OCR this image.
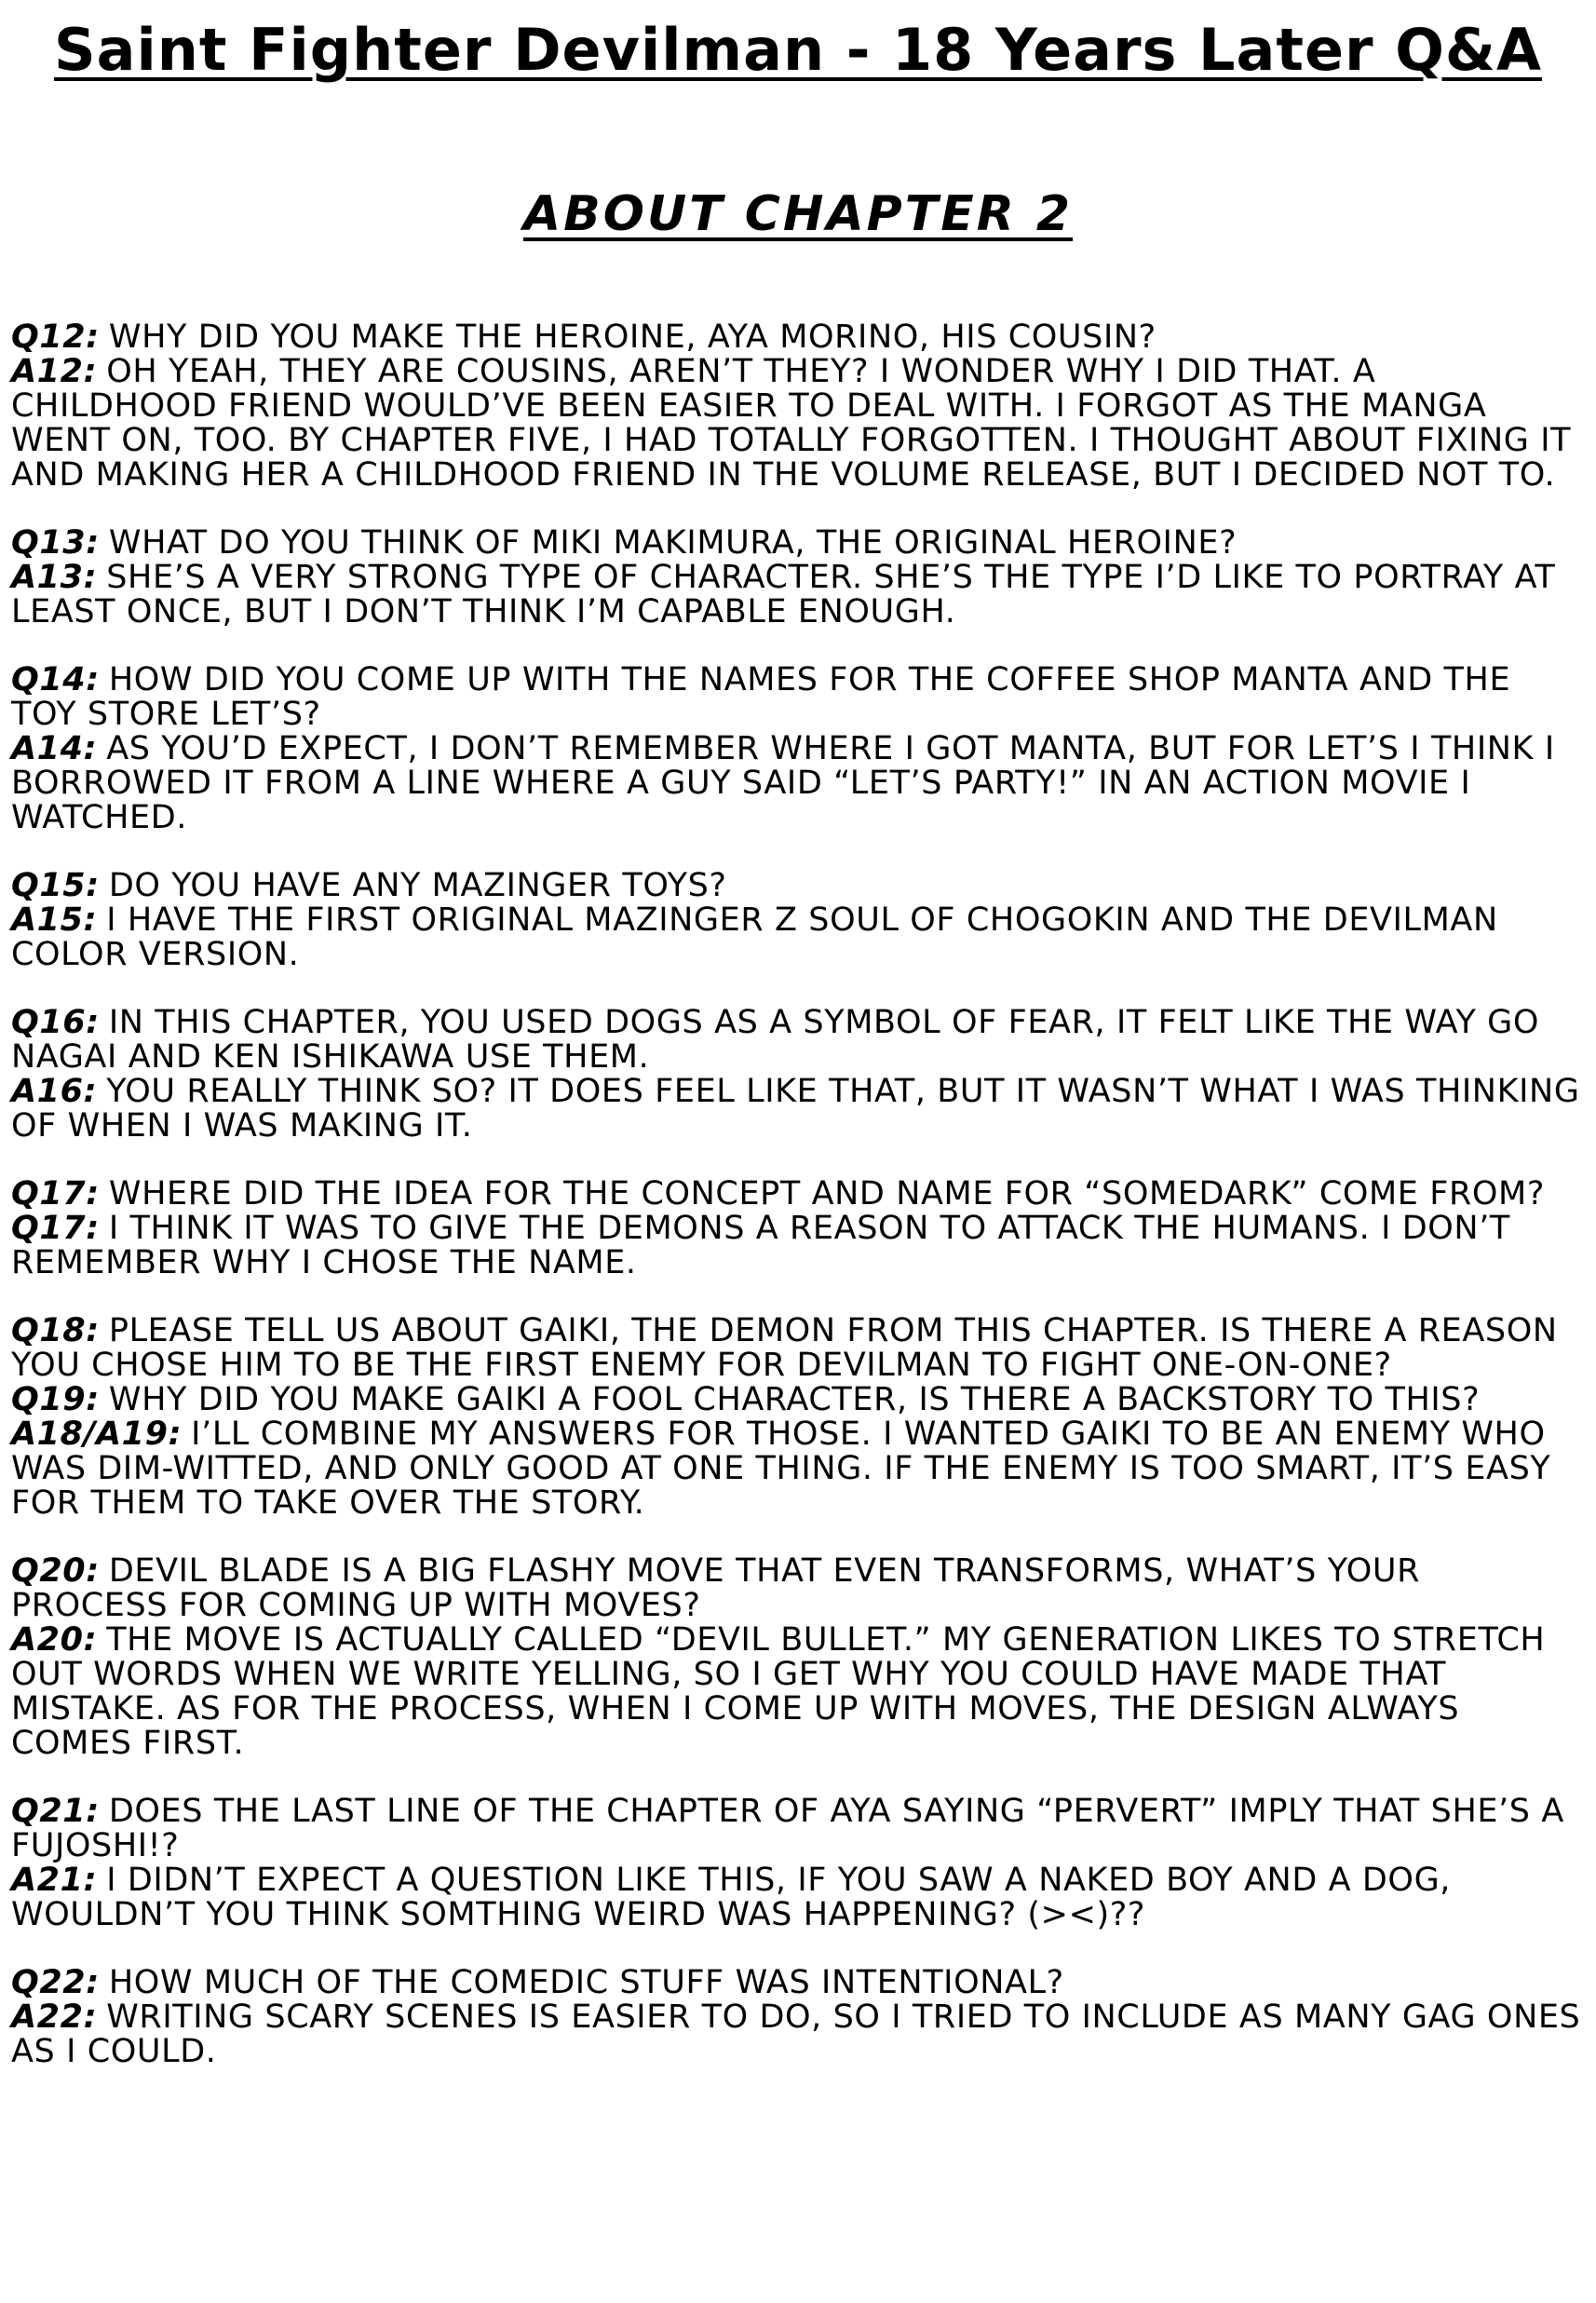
Saint Fighter Devilman - 18 Years Later Q&A
ABOUT CHAPTER 2
Q12: WHY DID YOU MAKE THE HEROINE, AYA MORINO, HIS COUSIN?
A12: OH YEAH, THEY ARE COUSINS, AREN’T THEY? I WONDER WHY I DID THAT. A CHILDHOOD FRIEND WOULD’VE BEEN EASIER TO DEAL WITH. I FORGOT AS THE MANGA WENT ON, TOO. BY CHAPTER FIVE, I HAD TOTALLY FORGOTTEN. I THOUGHT ABOUT FIXING IT AND MAKING HER A CHILDHOOD FRIEND IN THE VOLUME RELEASE, BUT I DECIDED NOT TO.
Q13: WHAT DO YOU THINK OF MIKI MAKIMURA, THE ORIGINAL HEROINE?
A13: SHE’S A VERY STRONG TYPE OF CHARACTER. SHE’S THE TYPE I’D LIKE TO PORTRAY AT LEAST ONCE, BUT I DON’T THINK I’M CAPABLE ENOUGH.
Q14: HOW DID YOU COME UP WITH THE NAMES FOR THE COFFEE SHOP MANTA AND THE TOY STORE LET’S?
A14: AS YOU’D EXPECT, I DON’T REMEMBER WHERE I GOT MANTA, BUT FOR LET’S I THINK I BORROWED IT FROM A LINE WHERE A GUY SAID “LET’S PARTY!” IN AN ACTION MOVIE I WATCHED.
Q15: DO YOU HAVE ANY MAZINGER TOYS?
A15: I HAVE THE FIRST ORIGINAL MAZINGER Z SOUL OF CHOGOKIN AND THE DEVILMAN COLOR VERSION.
Q16: IN THIS CHAPTER, YOU USED DOGS AS A SYMBOL OF FEAR, IT FELT LIKE THE WAY GO NAGAI AND KEN ISHIKAWA USE THEM.
A16: YOU REALLY THINK SO? IT DOES FEEL LIKE THAT, BUT IT WASN’T WHAT I WAS THINKING OF WHEN I WAS MAKING IT.
Q17: WHERE DID THE IDEA FOR THE CONCEPT AND NAME FOR “SOMEDARK” COME FROM?
Q17: I THINK IT WAS TO GIVE THE DEMONS A REASON TO ATTACK THE HUMANS. I DON’T REMEMBER WHY I CHOSE THE NAME.
Q18: PLEASE TELL US ABOUT GAIKI, THE DEMON FROM THIS CHAPTER. IS THERE A REASON YOU CHOSE HIM TO BE THE FIRST ENEMY FOR DEVILMAN TO FIGHT ONE-ON-ONE?
Q19: WHY DID YOU MAKE GAIKI A FOOL CHARACTER, IS THERE A BACKSTORY TO THIS?
A18/A19: I’LL COMBINE MY ANSWERS FOR THOSE. I WANTED GAIKI TO BE AN ENEMY WHO WAS DIM-WITTED, AND ONLY GOOD AT ONE THING. IF THE ENEMY IS TOO SMART, IT’S EASY FOR THEM TO TAKE OVER THE STORY.
Q20: DEVIL BLADE IS A BIG FLASHY MOVE THAT EVEN TRANSFORMS, WHAT’S YOUR PROCESS FOR COMING UP WITH MOVES?
A20: THE MOVE IS ACTUALLY CALLED “DEVIL BULLET.” MY GENERATION LIKES TO STRETCH OUT WORDS WHEN WE WRITE YELLING, SO I GET WHY YOU COULD HAVE MADE THAT MISTAKE. AS FOR THE PROCESS, WHEN I COME UP WITH MOVES, THE DESIGN ALWAYS COMES FIRST.
Q21: DOES THE LAST LINE OF THE CHAPTER OF AYA SAYING “PERVERT” IMPLY THAT SHE’S A FUJOSHI!?
A21: I DIDN’T EXPECT A QUESTION LIKE THIS, IF YOU SAW A NAKED BOY AND A DOG, WOULDN’T YOU THINK SOMTHING WEIRD WAS HAPPENING? (><)??
Q22: HOW MUCH OF THE COMEDIC STUFF WAS INTENTIONAL?
A22: WRITING SCARY SCENES IS EASIER TO DO, SO I TRIED TO INCLUDE AS MANY GAG ONES AS I COULD.
